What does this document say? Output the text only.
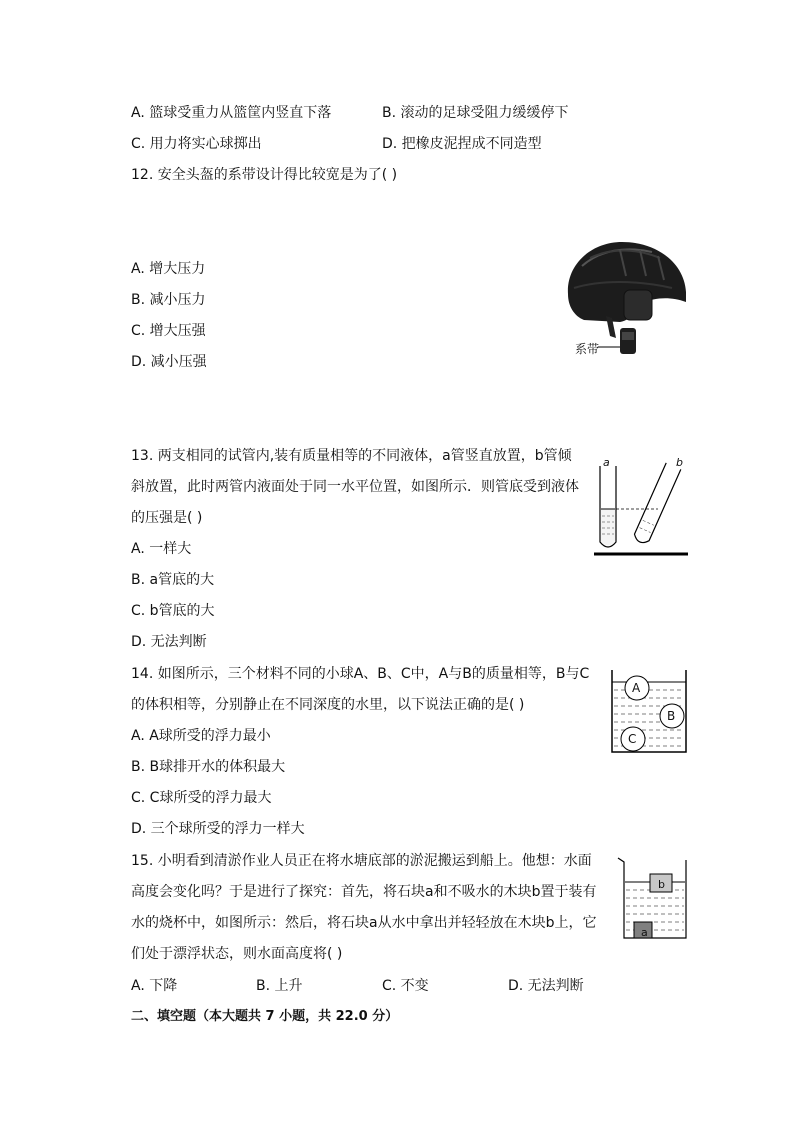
A. 篮球受重力从篮筐内竖直下落	B. 滚动的足球受阻力缓缓停下
C. 用力将实心球掷出	D. 把橡皮泥捏成不同造型
12. 安全头盔的系带设计得比较宽是为了( )
A. 增大压力
B. 减小压力
C. 增大压强
D. 减小压强
系带
13. 两支相同的试管内,装有质量相等的不同液体，a管竖直放置，b管倾
斜放置，此时两管内液面处于同一水平位置，如图所示．则管底受到液体
的压强是( )
A. 一样大
B. a管底的大
C. b管底的大
D. 无法判断
a	b
14. 如图所示，三个材料不同的小球A、B、C中，A与B的质量相等，B与C
的体积相等，分别静止在不同深度的水里，以下说法正确的是( )
A. A球所受的浮力最小
B. B球排开水的体积最大
C. C球所受的浮力最大
D. 三个球所受的浮力一样大
A
B
C
15. 小明看到清淤作业人员正在将水塘底部的淤泥搬运到船上。他想：水面
高度会变化吗？于是进行了探究：首先，将石块a和不吸水的木块b置于装有
水的烧杯中，如图所示：然后，将石块a从水中拿出并轻轻放在木块b上，它
们处于漂浮状态，则水面高度将( )
A. 下降	B. 上升	C. 不变	D. 无法判断
b
a
二、填空题（本大题共 7 小题，共 22.0 分）
